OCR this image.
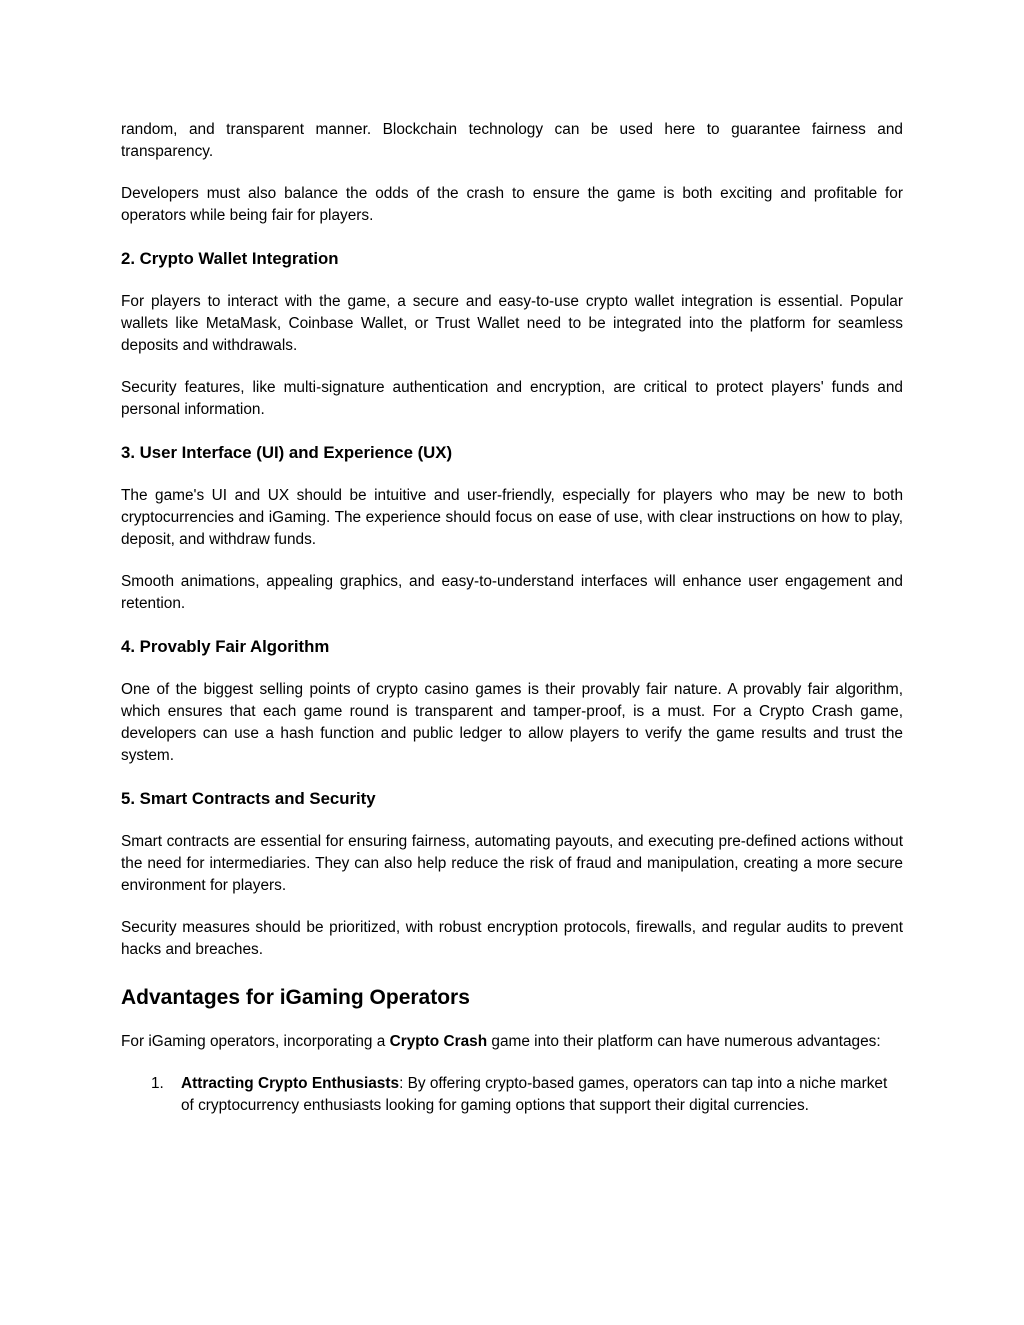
random, and transparent manner. Blockchain technology can be used here to guarantee fairness and transparency.

Developers must also balance the odds of the crash to ensure the game is both exciting and profitable for operators while being fair for players.

2. Crypto Wallet Integration

For players to interact with the game, a secure and easy-to-use crypto wallet integration is essential. Popular wallets like MetaMask, Coinbase Wallet, or Trust Wallet need to be integrated into the platform for seamless deposits and withdrawals.

Security features, like multi-signature authentication and encryption, are critical to protect players' funds and personal information.

3. User Interface (UI) and Experience (UX)

The game's UI and UX should be intuitive and user-friendly, especially for players who may be new to both cryptocurrencies and iGaming. The experience should focus on ease of use, with clear instructions on how to play, deposit, and withdraw funds.

Smooth animations, appealing graphics, and easy-to-understand interfaces will enhance user engagement and retention.

4. Provably Fair Algorithm

One of the biggest selling points of crypto casino games is their provably fair nature. A provably fair algorithm, which ensures that each game round is transparent and tamper-proof, is a must. For a Crypto Crash game, developers can use a hash function and public ledger to allow players to verify the game results and trust the system.

5. Smart Contracts and Security

Smart contracts are essential for ensuring fairness, automating payouts, and executing pre-defined actions without the need for intermediaries. They can also help reduce the risk of fraud and manipulation, creating a more secure environment for players.

Security measures should be prioritized, with robust encryption protocols, firewalls, and regular audits to prevent hacks and breaches.

Advantages for iGaming Operators

For iGaming operators, incorporating a Crypto Crash game into their platform can have numerous advantages:

1. Attracting Crypto Enthusiasts: By offering crypto-based games, operators can tap into a niche market of cryptocurrency enthusiasts looking for gaming options that support their digital currencies.
